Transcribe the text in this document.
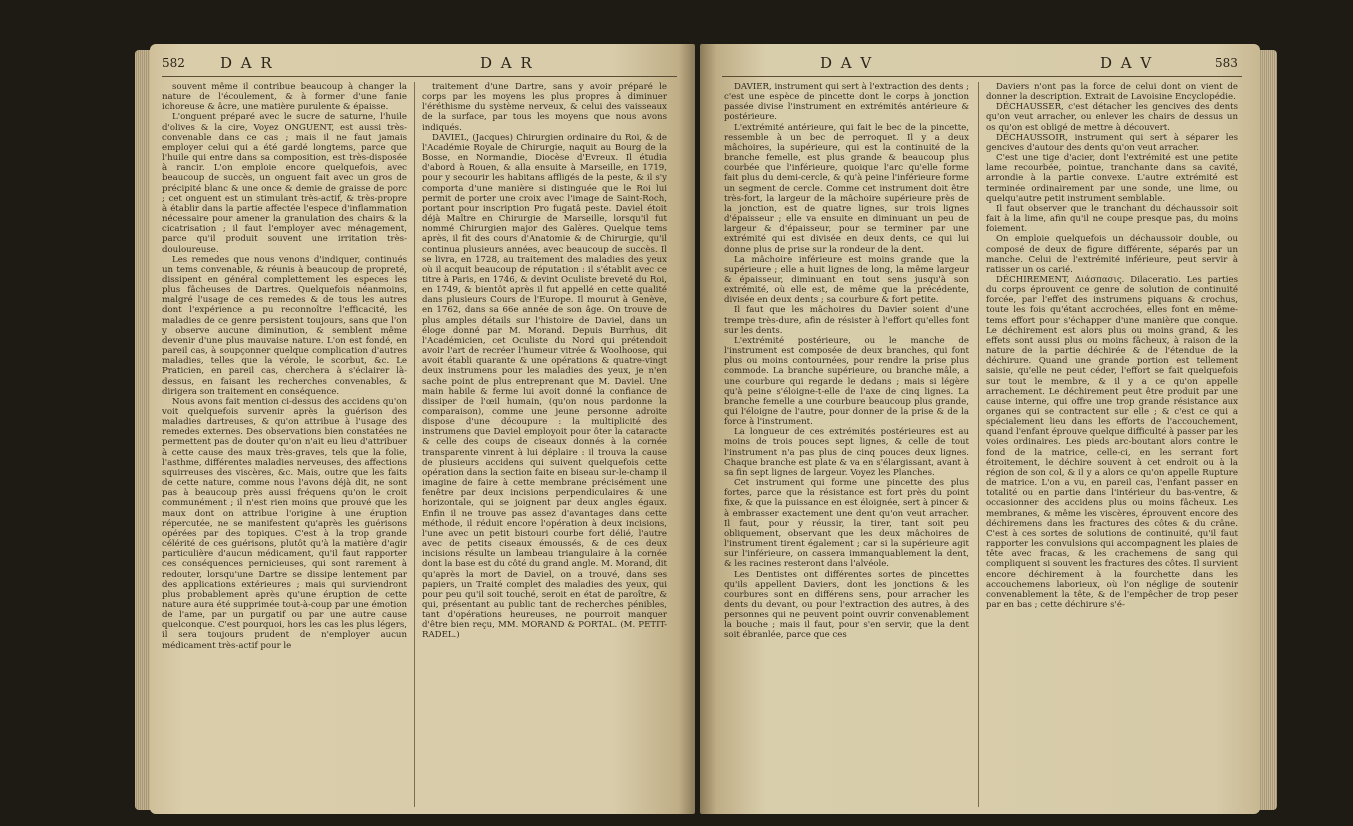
582 D A R	D A R

souvent même il contribue beaucoup à changer la nature de l'écoulement, & à former d'une fanie ichoreuse & âcre, une matière purulente & épaisse.

L'onguent préparé avec le sucre de saturne, l'huile d'olives & la cire, Voyez ONGUENT, est aussi très-convenable dans ce cas ; mais il ne faut jamais employer celui qui a été gardé longtems, parce que l'huile qui entre dans sa composition, est très-disposée à rancir. L'on emploie encore quelquefois, avec beaucoup de succès, un onguent fait avec un gros de précipité blanc & une once & demie de graisse de porc ; cet onguent est un stimulant très-actif, & très-propre à établir dans la partie affectée l'espece d'inflammation nécessaire pour amener la granulation des chairs & la cicatrisation ; il faut l'employer avec ménagement, parce qu'il produit souvent une irritation très-douloureuse.

Les remedes que nous venons d'indiquer, continués un tems convenable, & réunis à beaucoup de propreté, dissipent en général complettement les especes les plus fâcheuses de Dartres. Quelquefois néanmoins, malgré l'usage de ces remedes & de tous les autres dont l'expérience a pu reconnoître l'efficacité, les maladies de ce genre persistent toujours, sans que l'on y observe aucune diminution, & semblent même devenir d'une plus mauvaise nature. L'on est fondé, en pareil cas, à soupçonner quelque complication d'autres maladies, telles que la vérole, le scorbut, &c. Le Praticien, en pareil cas, cherchera à s'éclairer là-dessus, en faisant les recherches convenables, & dirigera son traitement en conséquence.

Nous avons fait mention ci-dessus des accidens qu'on voit quelquefois survenir après la guérison des maladies dartreuses, & qu'on attribue à l'usage des remedes externes. Des observations bien constatées ne permettent pas de douter qu'on n'ait eu lieu d'attribuer à cette cause des maux très-graves, tels que la folie, l'asthme, différentes maladies nerveuses, des affections squirreuses des viscères, &c. Mais, outre que les faits de cette nature, comme nous l'avons déjà dit, ne sont pas à beaucoup près aussi fréquens qu'on le croit communément ; il n'est rien moins que prouvé que les maux dont on attribue l'origine à une éruption répercutée, ne se manifestent qu'après les guérisons opérées par des topiques. C'est à la trop grande célérité de ces guérisons, plutôt qu'à la matière d'agir particulière d'aucun médicament, qu'il faut rapporter ces conséquences pernicieuses, qui sont rarement à redouter, lorsqu'une Dartre se dissipe lentement par des applications extérieures ; mais qui surviendront plus probablement après qu'une éruption de cette nature aura été supprimée tout-à-coup par une émotion de l'ame, par un purgatif ou par une autre cause quelconque. C'est pourquoi, hors les cas les plus légers, il sera toujours prudent de n'employer aucun médicament très-actif pour le

traitement d'une Dartre, sans y avoir préparé le corps par les moyens les plus propres à diminuer l'éréthisme du système nerveux, & celui des vaisseaux de la surface, par tous les moyens que nous avons indiqués.

DAVIEL, (Jacques) Chirurgien ordinaire du Roi, & de l'Académie Royale de Chirurgie, naquit au Bourg de la Bosse, en Normandie, Diocèse d'Evreux. Il étudia d'abord à Rouen, & alla ensuite à Marseille, en 1719, pour y secourir les habitans affligés de la peste, & il s'y comporta d'une manière si distinguée que le Roi lui permit de porter une croix avec l'image de Saint-Roch, portant pour inscription Pro fugatâ peste. Daviel étoit déjà Maître en Chirurgie de Marseille, lorsqu'il fut nommé Chirurgien major des Galères. Quelque tems après, il fit des cours d'Anatomie & de Chirurgie, qu'il continua plusieurs années, avec beaucoup de succès. Il se livra, en 1728, au traitement des maladies des yeux où il acquit beaucoup de réputation : il s'établit avec ce titre à Paris, en 1746, & devint Oculiste breveté du Roi, en 1749, & bientôt après il fut appellé en cette qualité dans plusieurs Cours de l'Europe. Il mourut à Genève, en 1762, dans sa 66e année de son âge. On trouve de plus amples détails sur l'histoire de Daviel, dans un éloge donné par M. Morand. Depuis Burrhus, dit l'Académicien, cet Oculiste du Nord qui prétendoit avoir l'art de recréer l'humeur vitrée & Woolhoose, qui avoit établi quarante & une opérations & quatre-vingt deux instrumens pour les maladies des yeux, je n'en sache point de plus entreprenant que M. Daviel. Une main habile & ferme lui avoit donné la confiance de dissiper de l'œil humain, (qu'on nous pardonne la comparaison), comme une jeune personne adroite dispose d'une découpure : la multiplicité des instrumens que Daviel employoit pour ôter la cataracte & celle des coups de ciseaux donnés à la cornée transparente vinrent à lui déplaire : il trouva la cause de plusieurs accidens qui suivent quelquefois cette opération dans la section faite en biseau sur-le-champ il imagine de faire à cette membrane précisément une fenêtre par deux incisions perpendiculaires & une horizontale, qui se joignent par deux angles égaux. Enfin il ne trouve pas assez d'avantages dans cette méthode, il réduit encore l'opération à deux incisions, l'une avec un petit bistouri courbe fort délié, l'autre avec de petits ciseaux émoussés, & de ces deux incisions résulte un lambeau triangulaire à la cornée dont la base est du côté du grand angle. M. Morand, dit qu'après la mort de Daviel, on a trouvé, dans ses papiers, un Traité complet des maladies des yeux, qui pour peu qu'il soit touché, seroit en état de paroître, & qui, présentant au public tant de recherches pénibles, tant d'opérations heureuses, ne pourroit manquer d'être bien reçu, MM. MORAND & PORTAL. (M. PETIT-RADEL.)

D A V	D A V	583

DAVIER, instrument qui sert à l'extraction des dents ; c'est une espèce de pincette dont le corps à jonction passée divise l'instrument en extrémités antérieure & postérieure.

L'extrémité antérieure, qui fait le bec de la pincette, ressemble à un bec de perroquet. Il y a deux mâchoires, la supérieure, qui est la continuité de la branche femelle, est plus grande & beaucoup plus courbée que l'inférieure, quoique l'arc qu'elle forme fait plus du demi-cercle, & qu'à peine l'inférieure forme un segment de cercle. Comme cet instrument doit être très-fort, la largeur de la mâchoire supérieure près de la jonction, est de quatre lignes, sur trois lignes d'épaisseur ; elle va ensuite en diminuant un peu de largeur & d'épaisseur, pour se terminer par une extrémité qui est divisée en deux dents, ce qui lui donne plus de prise sur la rondeur de la dent.

La mâchoire inférieure est moins grande que la supérieure ; elle a huit lignes de long, la même largeur & épaisseur, diminuant en tout sens jusqu'à son extrémité, où elle est, de même que la précédente, divisée en deux dents ; sa courbure & fort petite.

Il faut que les mâchoires du Davier soient d'une trempe très-dure, afin de résister à l'effort qu'elles font sur les dents.

L'extrémité postérieure, ou le manche de l'instrument est composée de deux branches, qui font plus ou moins contournées, pour rendre la prise plus commode. La branche supérieure, ou branche mâle, a une courbure qui regarde le dedans ; mais si légère qu'à peine s'éloigne-t-elle de l'axe de cinq lignes. La branche femelle a une courbure beaucoup plus grande, qui l'éloigne de l'autre, pour donner de la prise & de la force à l'instrument.

La longueur de ces extrémités postérieures est au moins de trois pouces sept lignes, & celle de tout l'instrument n'a pas plus de cinq pouces deux lignes. Chaque branche est plate & va en s'élargissant, avant à sa fin sept lignes de largeur. Voyez les Planches.

Cet instrument qui forme une pincette des plus fortes, parce que la résistance est fort près du point fixe, & que la puissance en est éloignée, sert à pincer & à embrasser exactement une dent qu'on veut arracher. Il faut, pour y réussir, la tirer, tant soit peu obliquement, observant que les deux mâchoires de l'instrument tirent également ; car si la supérieure agit sur l'inférieure, on cassera immanquablement la dent, & les racines resteront dans l'alvéole.

Les Dentistes ont différentes sortes de pincettes qu'ils appellent Daviers, dont les jonctions & les courbures sont en différens sens, pour arracher les dents du devant, ou pour l'extraction des autres, à des personnes qui ne peuvent point ouvrir convenablement la bouche ; mais il faut, pour s'en servir, que la dent soit ébranlée, parce que ces

Daviers n'ont pas la force de celui dont on vient de donner la description. Extrait de Lavoisine Encyclopédie.

DÉCHAUSSER, c'est détacher les gencives des dents qu'on veut arracher, ou enlever les chairs de dessus un os qu'on est obligé de mettre à découvert.

DÉCHAUSSOIR, instrument qui sert à séparer les gencives d'autour des dents qu'on veut arracher.

C'est une tige d'acier, dont l'extrémité est une petite lame recourbée, pointue, tranchante dans sa cavité, arrondie à la partie convexe. L'autre extrémité est terminée ordinairement par une sonde, une lime, ou quelqu'autre petit instrument semblable.

Il faut observer que le tranchant du déchaussoir soit fait à la lime, afin qu'il ne coupe presque pas, du moins foiement.

On emploie quelquefois un déchaussoir double, ou composé de deux de figure différente, séparés par un manche. Celui de l'extrémité inférieure, peut servir à ratisser un os carié.

DÉCHIREMENT, Διάσπασις. Dilaceratio. Les parties du corps éprouvent ce genre de solution de continuité forcée, par l'effet des instrumens piquans & crochus, toute les fois qu'étant accrochées, elles font en même-tems effort pour s'échapper d'une manière que conque. Le déchirement est alors plus ou moins grand, & les effets sont aussi plus ou moins fâcheux, à raison de la nature de la partie déchirée & de l'étendue de la déchirure. Quand une grande portion est tellement saisie, qu'elle ne peut céder, l'effort se fait quelquefois sur tout le membre, & il y a ce qu'on appelle arrachement. Le déchirement peut être produit par une cause interne, qui offre une trop grande résistance aux organes qui se contractent sur elle ; & c'est ce qui a spécialement lieu dans les efforts de l'accouchement, quand l'enfant éprouve quelque difficulté à passer par les voies ordinaires. Les pieds arc-boutant alors contre le fond de la matrice, celle-ci, en les serrant fort étroitement, le déchire souvent à cet endroit ou à la région de son col, & il y a alors ce qu'on appelle Rupture de matrice. L'on a vu, en pareil cas, l'enfant passer en totalité ou en partie dans l'intérieur du bas-ventre, & occasionner des accidens plus ou moins fâcheux. Les membranes, & même les viscères, éprouvent encore des déchiremens dans les fractures des côtes & du crâne. C'est à ces sortes de solutions de continuité, qu'il faut rapporter les convulsions qui accompagnent les plaies de tête avec fracas, & les crachemens de sang qui compliquent si souvent les fractures des côtes. Il survient encore déchirement à la fourchette dans les accouchemens laborieux, où l'on néglige de soutenir convenablement la tête, & de l'empêcher de trop peser par en bas ; cette déchirure s'é-
